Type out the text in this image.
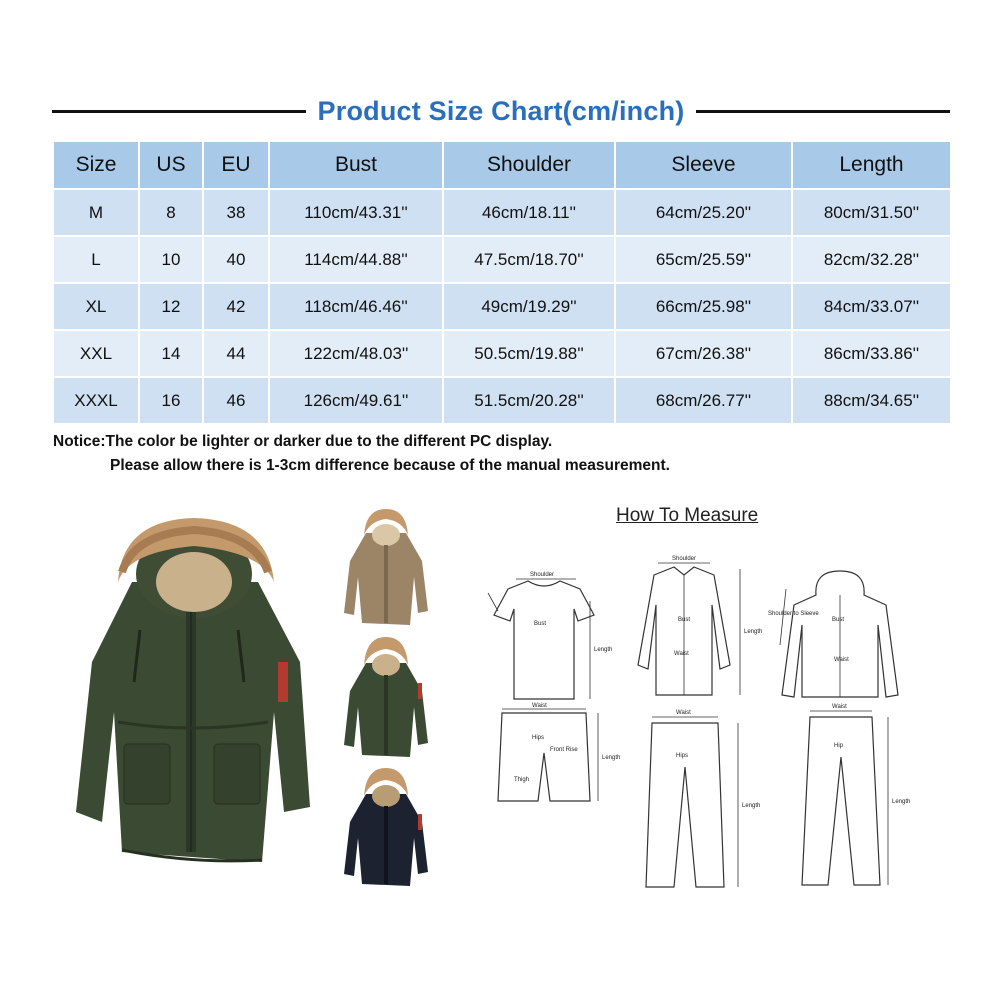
Product Size Chart(cm/inch)
Size	US	EU	Bust	Shoulder	Sleeve	Length
M	8	38	110cm/43.31''	46cm/18.11''	64cm/25.20''	80cm/31.50''
L	10	40	114cm/44.88''	47.5cm/18.70''	65cm/25.59''	82cm/32.28''
XL	12	42	118cm/46.46''	49cm/19.29''	66cm/25.98''	84cm/33.07''
XXL	14	44	122cm/48.03''	50.5cm/19.88''	67cm/26.38''	86cm/33.86''
XXXL	16	46	126cm/49.61''	51.5cm/20.28''	68cm/26.77''	88cm/34.65''
Notice:The color be lighter or darker due to the different PC display.
Please allow there is 1-3cm difference because of the manual measurement.
How To Measure
Shoulder
Bust
Length
Waist
Hips
Front Rise
Thigh
Length
Shoulder
Bust
Waist
Length
Waist
Hips
Length
Bust
Waist
Shoulder to Sleeve
Waist
Hip
Length
